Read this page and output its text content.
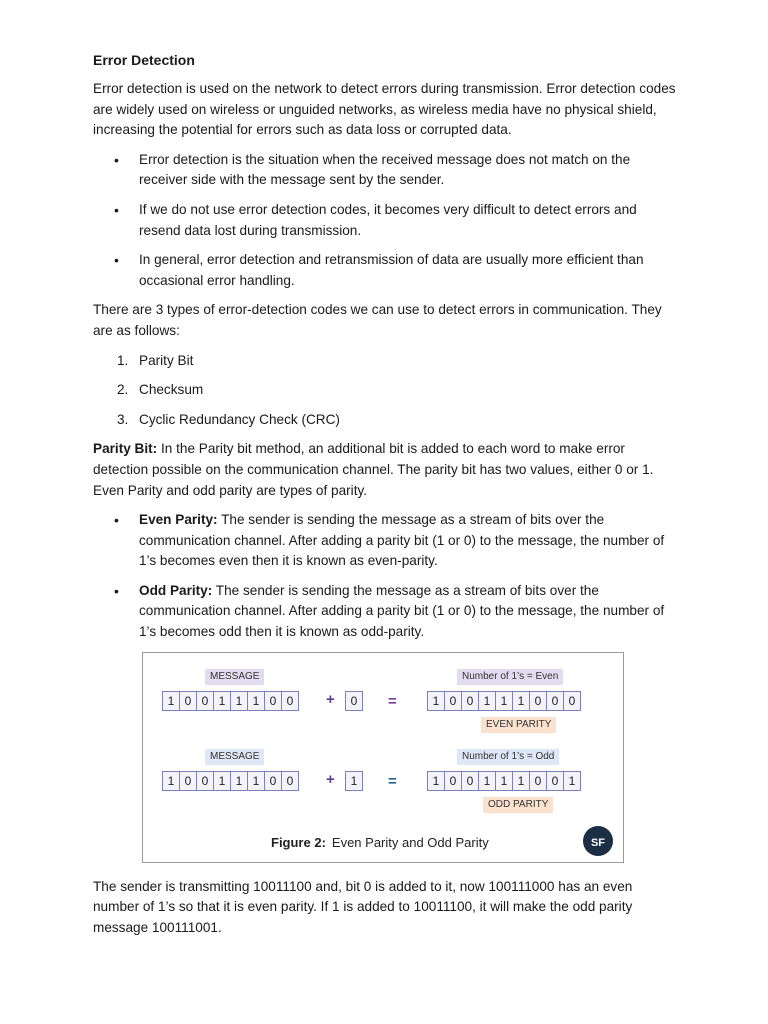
Error Detection

Error detection is used on the network to detect errors during transmission. Error detection codes are widely used on wireless or unguided networks, as wireless media have no physical shield, increasing the potential for errors such as data loss or corrupted data.

• Error detection is the situation when the received message does not match on the receiver side with the message sent by the sender.
• If we do not use error detection codes, it becomes very difficult to detect errors and resend data lost during transmission.
• In general, error detection and retransmission of data are usually more efficient than occasional error handling.

There are 3 types of error-detection codes we can use to detect errors in communication. They are as follows:

1. Parity Bit
2. Checksum
3. Cyclic Redundancy Check (CRC)

Parity Bit: In the Parity bit method, an additional bit is added to each word to make error detection possible on the communication channel. The parity bit has two values, either 0 or 1. Even Parity and odd parity are types of parity.

• Even Parity: The sender is sending the message as a stream of bits over the communication channel. After adding a parity bit (1 or 0) to the message, the number of 1’s becomes even then it is known as even-parity.
• Odd Parity: The sender is sending the message as a stream of bits over the communication channel. After adding a parity bit (1 or 0) to the message, the number of 1’s becomes odd then it is known as odd-parity.
MESSAGE	Number of 1’s = Even
1 0 0 1 1 1 0 0	+	0	=	1 0 0 1 1 1 0 0 0
EVEN PARITY
MESSAGE	Number of 1’s = Odd
1 0 0 1 1 1 0 0	+	1	=	1 0 0 1 1 1 0 0 1
ODD PARITY
Figure 2: Even Parity and Odd Parity	SF

The sender is transmitting 10011100 and, bit 0 is added to it, now 100111000 has an even number of 1’s so that it is even parity. If 1 is added to 10011100, it will make the odd parity message 100111001.
